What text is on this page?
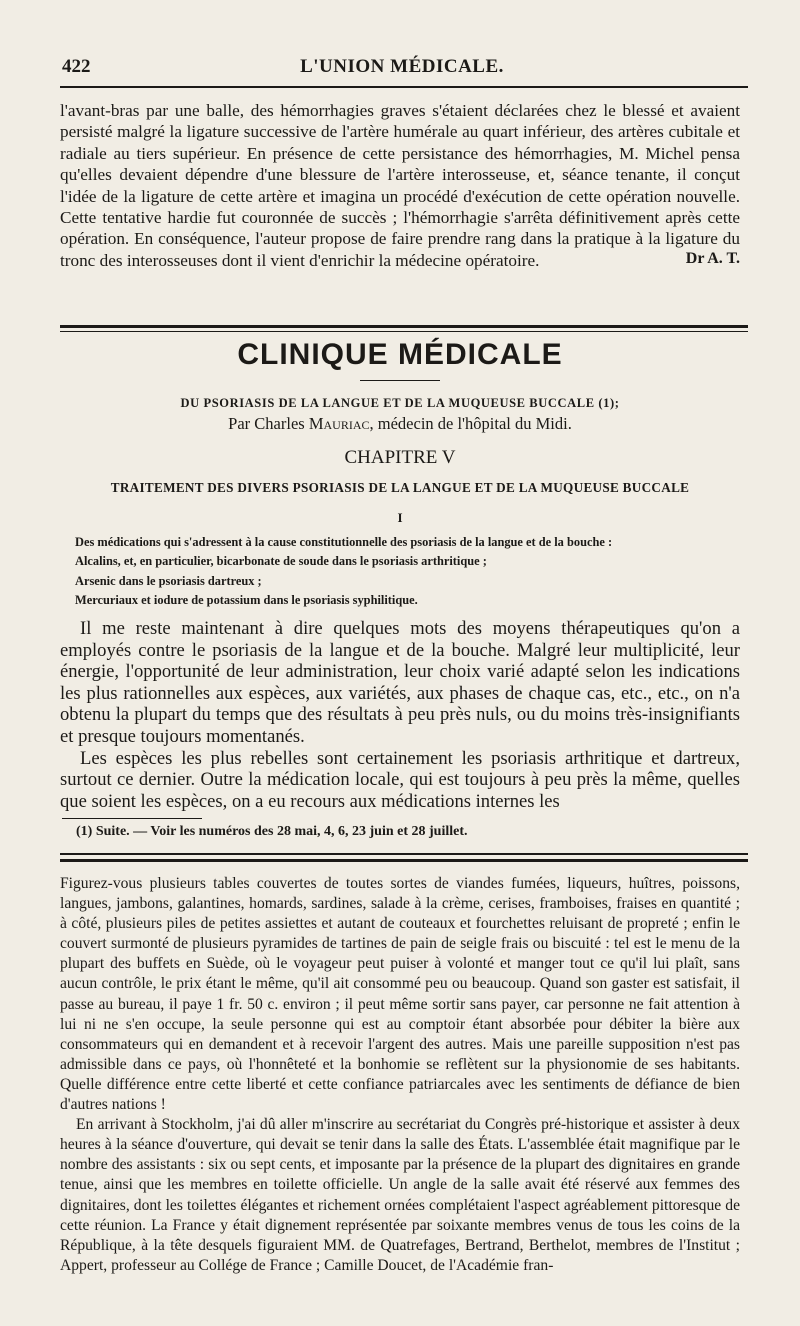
422	L'UNION MÉDICALE.

l'avant-bras par une balle, des hémorrhagies graves s'étaient déclarées chez le blessé et avaient persisté malgré la ligature successive de l'artère humérale au quart inférieur, des artères cubitale et radiale au tiers supérieur. En présence de cette persistance des hémorrhagies, M. Michel pensa qu'elles devaient dépendre d'une blessure de l'artère interosseuse, et, séance tenante, il conçut l'idée de la ligature de cette artère et imagina un procédé d'exécution de cette opération nouvelle. Cette tentative hardie fut couronnée de succès ; l'hémorrhagie s'arrêta définitivement après cette opération. En conséquence, l'auteur propose de faire prendre rang dans la pratique à la ligature du tronc des interosseuses dont il vient d'enrichir la médecine opératoire.	Dr A. T.
CLINIQUE MÉDICALE
DU PSORIASIS DE LA LANGUE ET DE LA MUQUEUSE BUCCALE (1);
Par Charles Mauriac, médecin de l'hôpital du Midi.
CHAPITRE V
TRAITEMENT DES DIVERS PSORIASIS DE LA LANGUE ET DE LA MUQUEUSE BUCCALE
I
Des médications qui s'adressent à la cause constitutionnelle des psoriasis de la langue et de la bouche :
Alcalins, et, en particulier, bicarbonate de soude dans le psoriasis arthritique ;
Arsenic dans le psoriasis dartreux ;
Mercuriaux et iodure de potassium dans le psoriasis syphilitique.

Il me reste maintenant à dire quelques mots des moyens thérapeutiques qu'on a employés contre le psoriasis de la langue et de la bouche. Malgré leur multiplicité, leur énergie, l'opportunité de leur administration, leur choix varié adapté selon les indications les plus rationnelles aux espèces, aux variétés, aux phases de chaque cas, etc., etc., on n'a obtenu la plupart du temps que des résultats à peu près nuls, ou du moins très-insignifiants et presque toujours momentanés.

Les espèces les plus rebelles sont certainement les psoriasis arthritique et dartreux, surtout ce dernier. Outre la médication locale, qui est toujours à peu près la même, quelles que soient les espèces, on a eu recours aux médications internes les

(1) Suite. — Voir les numéros des 28 mai, 4, 6, 23 juin et 28 juillet.

Figurez-vous plusieurs tables couvertes de toutes sortes de viandes fumées, liqueurs, huîtres, poissons, langues, jambons, galantines, homards, sardines, salade à la crème, cerises, framboises, fraises en quantité ; à côté, plusieurs piles de petites assiettes et autant de couteaux et fourchettes reluisant de propreté ; enfin le couvert surmonté de plusieurs pyramides de tartines de pain de seigle frais ou biscuité : tel est le menu de la plupart des buffets en Suède, où le voyageur peut puiser à volonté et manger tout ce qu'il lui plaît, sans aucun contrôle, le prix étant le même, qu'il ait consommé peu ou beaucoup. Quand son gaster est satisfait, il passe au bureau, il paye 1 fr. 50 c. environ ; il peut même sortir sans payer, car personne ne fait attention à lui ni ne s'en occupe, la seule personne qui est au comptoir étant absorbée pour débiter la bière aux consommateurs qui en demandent et à recevoir l'argent des autres. Mais une pareille supposition n'est pas admissible dans ce pays, où l'honnêteté et la bonhomie se reflètent sur la physionomie de ses habitants. Quelle différence entre cette liberté et cette confiance patriarcales avec les sentiments de défiance de bien d'autres nations !

En arrivant à Stockholm, j'ai dû aller m'inscrire au secrétariat du Congrès pré-historique et assister à deux heures à la séance d'ouverture, qui devait se tenir dans la salle des États. L'assemblée était magnifique par le nombre des assistants : six ou sept cents, et imposante par la présence de la plupart des dignitaires en grande tenue, ainsi que les membres en toilette officielle. Un angle de la salle avait été réservé aux femmes des dignitaires, dont les toilettes élégantes et richement ornées complétaient l'aspect agréablement pittoresque de cette réunion. La France y était dignement représentée par soixante membres venus de tous les coins de la République, à la tête desquels figuraient MM. de Quatrefages, Bertrand, Berthelot, membres de l'Institut ; Appert, professeur au Collége de France ; Camille Doucet, de l'Académie fran-
